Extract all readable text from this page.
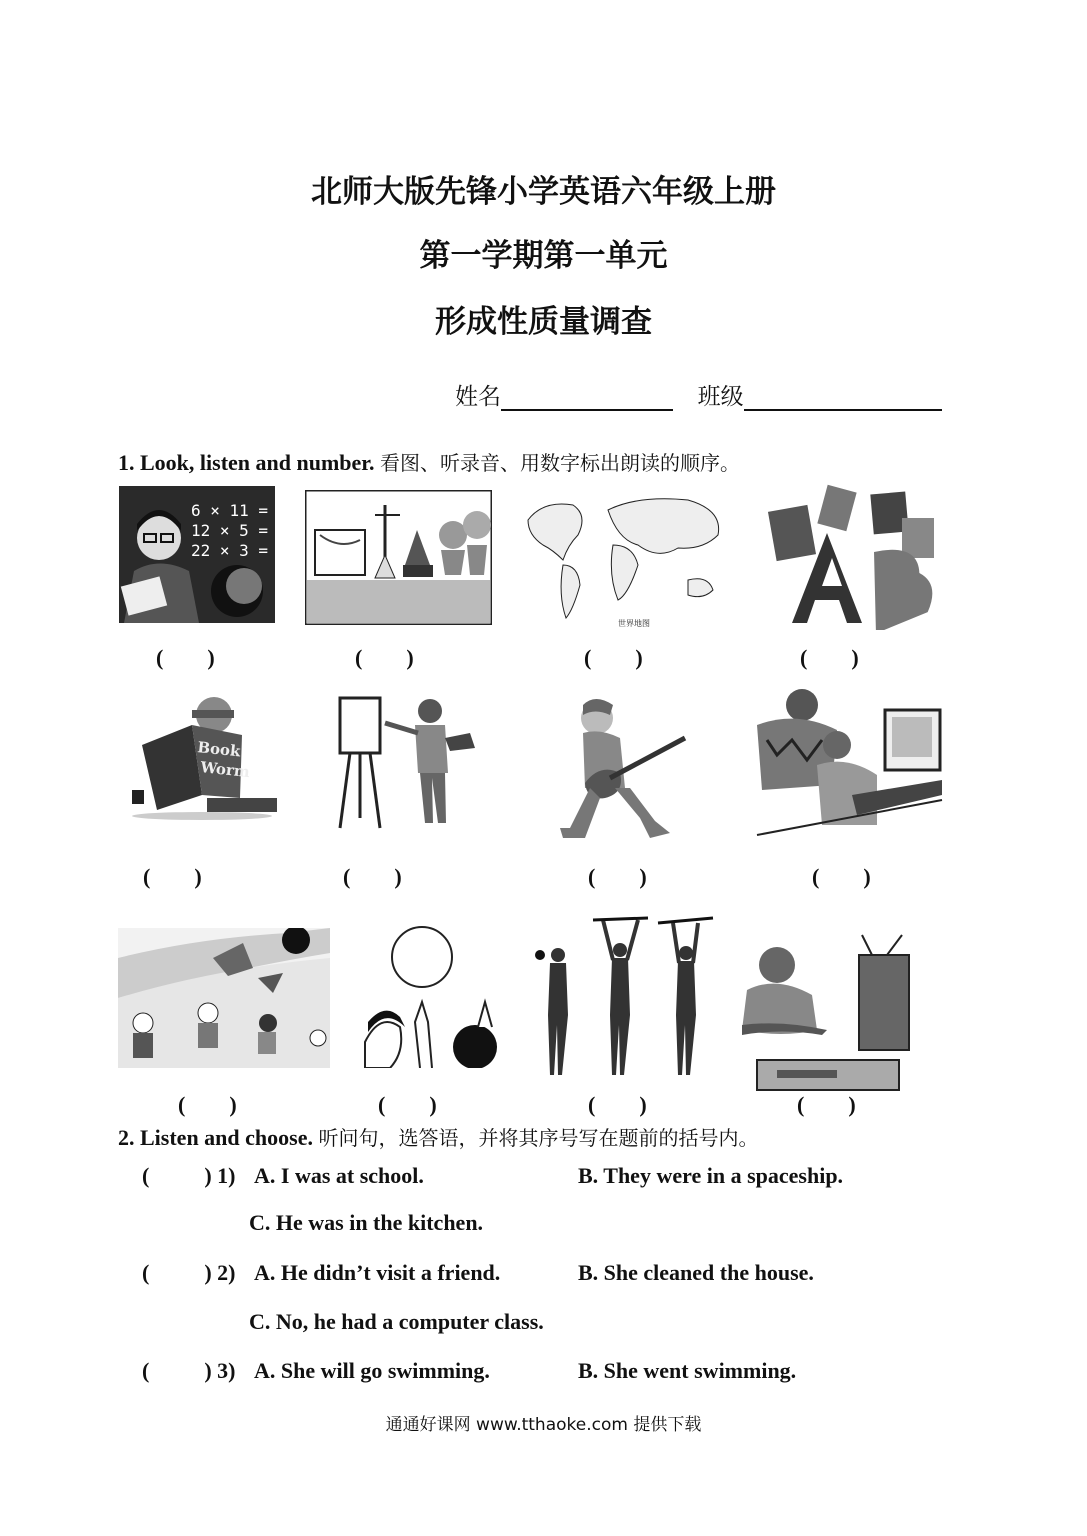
北师大版先锋小学英语六年级上册
第一学期第一单元
形成性质量调查
姓名	班级
1. Look, listen and number. 看图、听录音、用数字标出朗读的顺序。
6 × 11 =
12 × 5 =
22 × 3 =
世界地图
(        )	(        )	(        )	(        )
Book
Worm
(        )	(        )	(        )	(        )
(        )	(        )	(        )	(        )
2. Listen and choose. 听问句，选答语，并将其序号写在题前的括号内。
(          ) 1) A. I was at school.	B. They were in a spaceship.
C. He was in the kitchen.
(          ) 2) A. He didn’t visit a friend.	B. She cleaned the house.
C. No, he had a computer class.
(          ) 3) A. She will go swimming.	B. She went swimming.
通通好课网 www.tthaoke.com 提供下载
